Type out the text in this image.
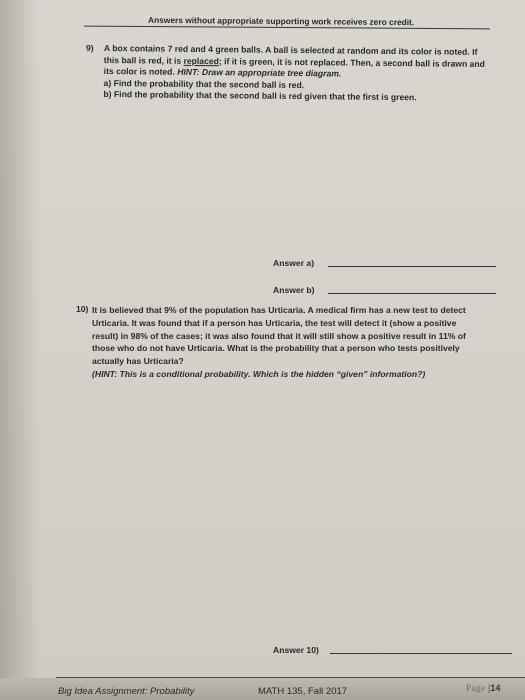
Answers without appropriate supporting work receives zero credit.
9) A box contains 7 red and 4 green balls. A ball is selected at random and its color is noted. If

this ball is red, it is replaced; if it is green, it is not replaced. Then, a second ball is drawn and

its color is noted. HINT: Draw an appropriate tree diagram.

a) Find the probability that the second ball is red.

b) Find the probability that the second ball is red given that the first is green.

Answer a)
Answer b)
10) It is believed that 9% of the population has Urticaria. A medical firm has a new test to detect

Urticaria. It was found that if a person has Urticaria, the test will detect it (show a positive

result) in 98% of the cases; it was also found that it will still show a positive result in 11% of

those who do not have Urticaria. What is the probability that a person who tests positively

actually has Urticaria?

(HINT: This is a conditional probability. Which is the hidden “given” information?)

Answer 10)
Big Idea Assignment: Probability	MATH 135, Fall 2017	Page |14
